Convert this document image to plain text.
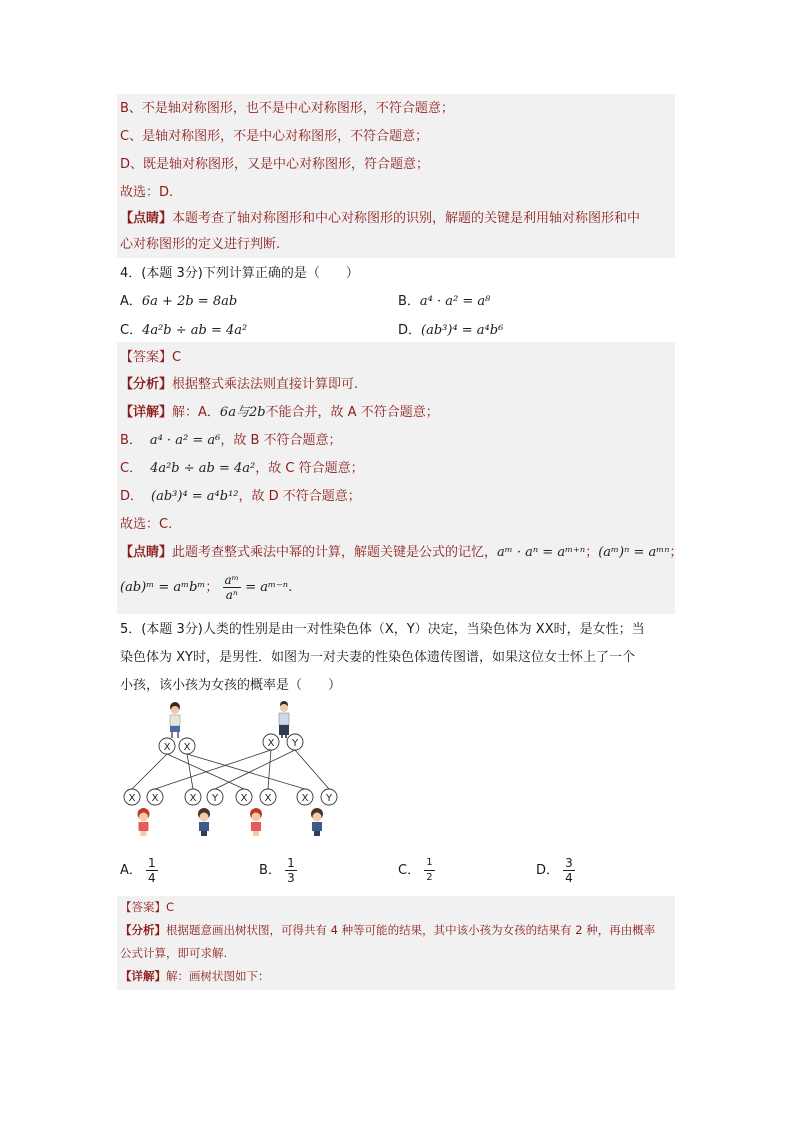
B、不是轴对称图形，也不是中心对称图形，不符合题意；
C、是轴对称图形，不是中心对称图形，不符合题意；
D、既是轴对称图形，又是中心对称图形，符合题意；
故选：D.
【点睛】本题考查了轴对称图形和中心对称图形的识别，解题的关键是利用轴对称图形和中
心对称图形的定义进行判断.
4．(本题 3分)下列计算正确的是（　　）
A．6a + 2b = 8ab	B．a⁴ · a² = a⁸
C．4a²b ÷ ab = 4a²	D．(ab³)⁴ = a⁴b⁶
【答案】C
【分析】根据整式乘法法则直接计算即可.
【详解】解：A．6a与2b不能合并，故 A 不符合题意；
B． a⁴ · a² = a⁶，故 B 不符合题意；
C． 4a²b ÷ ab = 4a²，故 C 符合题意；
D． (ab³)⁴ = a⁴b¹²，故 D 不符合题意；
故选：C.
【点睛】此题考查整式乘法中幂的计算，解题关键是公式的记忆，aᵐ · aⁿ = aᵐ⁺ⁿ；(aᵐ)ⁿ = aᵐⁿ；
(ab)ᵐ = aᵐbᵐ； $\frac{\text{aᵐ}}{\text{aⁿ}}$ = aᵐ⁻ⁿ.
5．(本题 3分)人类的性别是由一对性染色体（X，Y）决定，当染色体为 XX时，是女性；当
染色体为 XY时，是男性．如图为一对夫妻的性染色体遗传图谱，如果这位女士怀上了一个
小孩，该小孩为女孩的概率是（　　）
X X	X Y
X X	X Y X X	X Y
A． $\frac{1}{4}$	B． $\frac{1}{3}$	C． $\frac{1}{2}$	D． $\frac{3}{4}$
【答案】C
【分析】根据题意画出树状图，可得共有 4 种等可能的结果，其中该小孩为女孩的结果有 2 种，再由概率
公式计算，即可求解.
【详解】解：画树状图如下：
